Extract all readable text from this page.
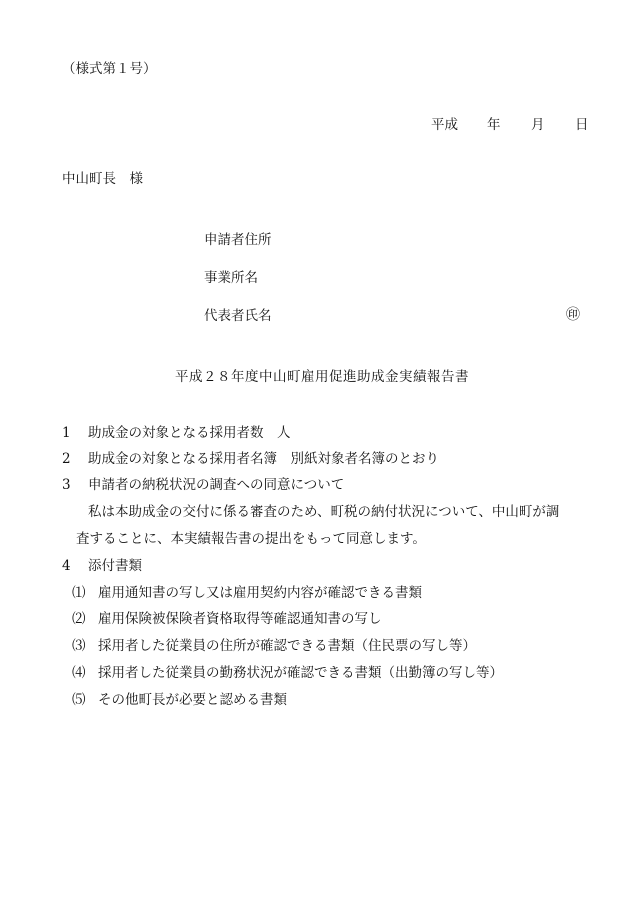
（様式第１号）
平成 年 月 日
中山町長　様
申請者住所
事業所名
代表者氏名	㊞
平成２８年度中山町雇用促進助成金実績報告書
1 助成金の対象となる採用者数　人
2 助成金の対象となる採用者名簿　別紙対象者名簿のとおり
3 申請者の納税状況の調査への同意について
私は本助成金の交付に係る審査のため、町税の納付状況について、中山町が調
査することに、本実績報告書の提出をもって同意します。
4 添付書類
⑴ 雇用通知書の写し又は雇用契約内容が確認できる書類
⑵ 雇用保険被保険者資格取得等確認通知書の写し
⑶ 採用者した従業員の住所が確認できる書類（住民票の写し等）
⑷ 採用者した従業員の勤務状況が確認できる書類（出勤簿の写し等）
⑸ その他町長が必要と認める書類
